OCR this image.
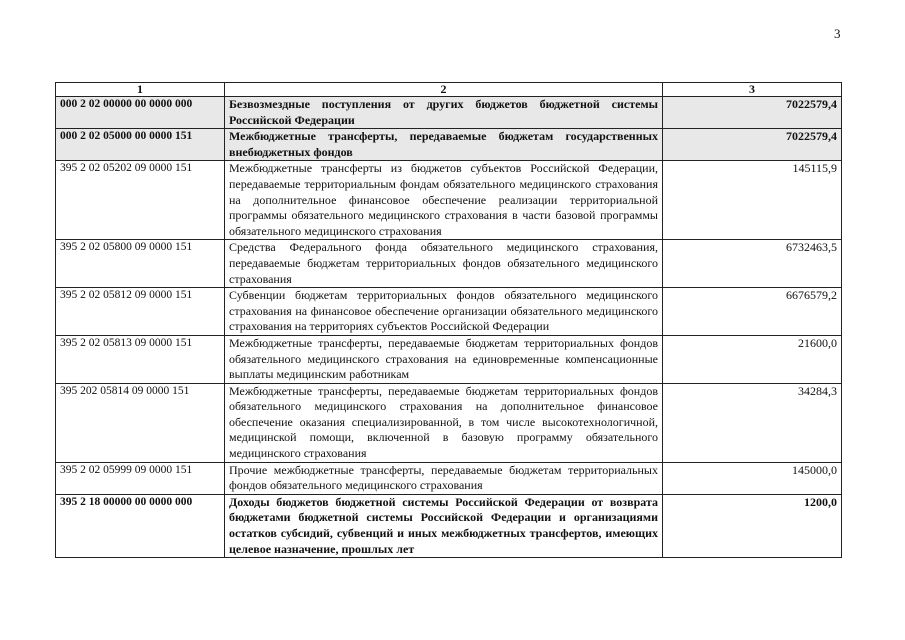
3
1	2	3
000 2 02 00000 00 0000 000	Безвозмездные поступления от других бюджетов бюджетной системы Российской Федерации	7022579,4
000 2 02 05000 00 0000 151	Межбюджетные трансферты, передаваемые бюджетам государственных внебюджетных фондов	7022579,4
395 2 02 05202 09 0000 151	Межбюджетные трансферты из бюджетов субъектов Российской Федерации, передаваемые территориальным фондам обязательного медицинского страхования на дополнительное финансовое обеспечение реализации территориальной программы обязательного медицинского страхования в части базовой программы обязательного медицинского страхования	145115,9
395 2 02 05800 09 0000 151	Средства Федерального фонда обязательного медицинского страхования, передаваемые бюджетам территориальных фондов обязательного медицинского страхования	6732463,5
395 2 02 05812 09 0000 151	Субвенции бюджетам территориальных фондов обязательного медицинского страхования на финансовое обеспечение организации обязательного медицинского страхования на территориях субъектов Российской Федерации	6676579,2
395 2 02 05813 09 0000 151	Межбюджетные трансферты, передаваемые бюджетам территориальных фондов обязательного медицинского страхования на единовременные компенсационные выплаты медицинским работникам	21600,0
395 202 05814 09 0000 151	Межбюджетные трансферты, передаваемые бюджетам территориальных фондов обязательного медицинского страхования на дополнительное финансовое обеспечение оказания специализированной, в том числе высокотехнологичной, медицинской помощи, включенной в базовую программу обязательного медицинского страхования	34284,3
395 2 02 05999 09 0000 151	Прочие межбюджетные трансферты, передаваемые бюджетам территориальных фондов обязательного медицинского страхования	145000,0
395 2 18 00000 00 0000 000	Доходы бюджетов бюджетной системы Российской Федерации от возврата бюджетами бюджетной системы Российской Федерации и организациями остатков субсидий, субвенций и иных межбюджетных трансфертов, имеющих целевое назначение, прошлых лет	1200,0
